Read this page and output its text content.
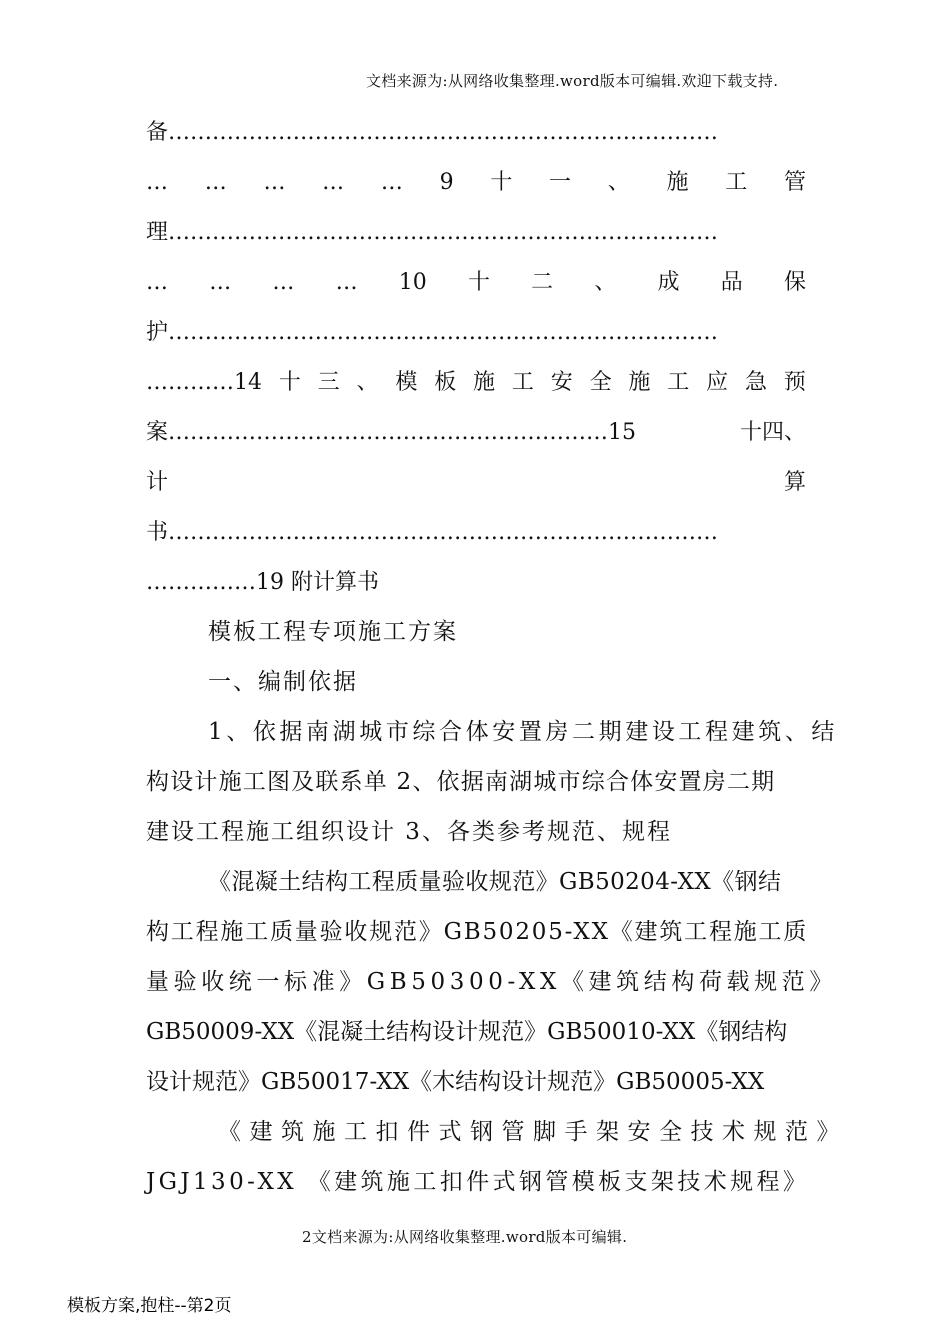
文档来源为:从网络收集整理.word版本可编辑.欢迎下载支持.
备…………………………………………………………………
… … … … … 9 十 一 、 施 工 管
理…………………………………………………………………
… … … … 10 十 二 、 成 品 保
护…………………………………………………………………
…………14 十 三 、 模 板 施 工 安 全 施 工 应 急 预
案……………………………………………………15	十四、
计	算
书…………………………………………………………………
……………19 附计算书
模板工程专项施工方案
一、编制依据
1、依据南湖城市综合体安置房二期建设工程建筑、结
构设计施工图及联系单 2、依据南湖城市综合体安置房二期
建设工程施工组织设计 3、各类参考规范、规程
《混凝土结构工程质量验收规范》GB50204-XX《钢结
构工程施工质量验收规范》GB50205-XX《建筑工程施工质
量验收统一标准》GB50300-XX《建筑结构荷载规范》
GB50009-XX《混凝土结构设计规范》GB50010-XX《钢结构
设计规范》GB50017-XX《木结构设计规范》GB50005-XX
《建筑施工扣件式钢管脚手架安全技术规范》
JGJ130-XX 《建筑施工扣件式钢管模板支架技术规程》
2文档来源为:从网络收集整理.word版本可编辑.
模板方案,抱柱--第2页
